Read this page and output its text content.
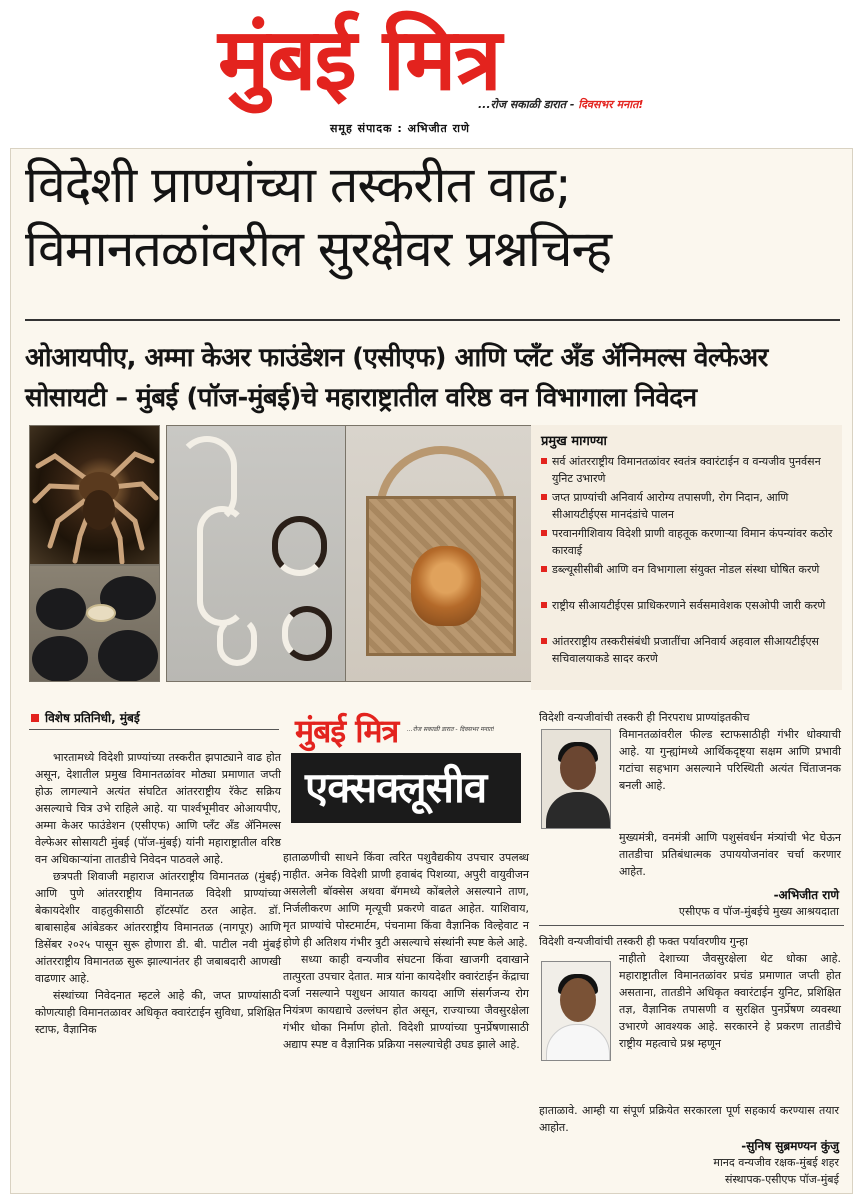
मुंबई मित्र
...रोज सकाळी डारात - दिवसभर मनात!
समूह संपादक : अभिजीत राणे
विदेशी प्राण्यांच्या तस्करीत वाढ;
विमानतळांवरील सुरक्षेवर प्रश्नचिन्ह
ओआयपीए, अम्मा केअर फाउंडेशन (एसीएफ) आणि प्लँट अँड ॲनिमल्स वेल्फेअर
सोसायटी – मुंबई (पॉज-मुंबई)चे महाराष्ट्रातील वरिष्ठ वन विभागाला निवेदन
प्रमुख मागण्या
सर्व आंतरराष्ट्रीय विमानतळांवर स्वतंत्र क्वारंटाईन व वन्यजीव पुनर्वसन युनिट उभारणे
जप्त प्राण्यांची अनिवार्य आरोग्य तपासणी, रोग निदान, आणि सीआयटीईएस मानदंडांचे पालन
परवानगीशिवाय विदेशी प्राणी वाहतूक करणाऱ्या विमान कंपन्यांवर कठोर कारवाई
डब्ल्यूसीसीबी आणि वन विभागाला संयुक्त नोडल संस्था घोषित करणे
राष्ट्रीय सीआयटीईएस प्राधिकरणाने सर्वसमावेशक एसओपी जारी करणे
आंतरराष्ट्रीय तस्करीसंबंधी प्रजातींचा अनिवार्य अहवाल सीआयटीईएस सचिवालयाकडे सादर करणे
विशेष प्रतिनिधी, मुंबई

भारतामध्ये विदेशी प्राण्यांच्या तस्करीत झपाट्याने वाढ होत असून, देशातील प्रमुख विमानतळांवर मोठ्या प्रमाणात जप्ती होऊ लागल्याने अत्यंत संघटित आंतरराष्ट्रीय रॅकेट सक्रिय असल्याचे चित्र उभे राहिले आहे. या पार्श्वभूमीवर ओआयपीए, अम्मा केअर फाउंडेशन (एसीएफ) आणि प्लँट अँड ॲनिमल्स वेल्फेअर सोसायटी मुंबई (पॉज-मुंबई) यांनी महाराष्ट्रातील वरिष्ठ वन अधिकाऱ्यांना तातडीचे निवेदन पाठवले आहे.

छत्रपती शिवाजी महाराज आंतरराष्ट्रीय विमानतळ (मुंबई) आणि पुणे आंतरराष्ट्रीय विमानतळ विदेशी प्राण्यांच्या बेकायदेशीर वाहतुकीसाठी हॉटस्पॉट ठरत आहेत. डॉ. बाबासाहेब आंबेडकर आंतरराष्ट्रीय विमानतळ (नागपूर) आणि डिसेंबर २०२५ पासून सुरू होणारा डी. बी. पाटील नवी मुंबई आंतरराष्ट्रीय विमानतळ सुरू झाल्यानंतर ही जबाबदारी आणखी वाढणार आहे.

संस्थांच्या निवेदनात म्हटले आहे की, जप्त प्राण्यांसाठी कोणत्याही विमानतळावर अधिकृत क्वारंटाईन सुविधा, प्रशिक्षित स्टाफ, वैज्ञानिक

मुंबई मित्र ...रोज सकाळी डारात - दिवसभर मनात!
एक्सक्लूसीव

हाताळणीची साधने किंवा त्वरित पशुवैद्यकीय उपचार उपलब्ध नाहीत. अनेक विदेशी प्राणी हवाबंद पिशव्या, अपुरी वायुवीजन असलेली बॉक्सेस अथवा बॅगमध्ये कोंबलेले असल्याने ताण, निर्जलीकरण आणि मृत्यूची प्रकरणे वाढत आहेत. याशिवाय, मृत प्राण्यांचे पोस्टमार्टम, पंचनामा किंवा वैज्ञानिक विल्हेवाट न होणे ही अतिशय गंभीर त्रुटी असल्याचे संस्थांनी स्पष्ट केले आहे.

सध्या काही वन्यजीव संघटना किंवा खाजगी दवाखाने तात्पुरता उपचार देतात. मात्र यांना कायदेशीर क्वारंटाईन केंद्राचा दर्जा नसल्याने पशुधन आयात कायदा आणि संसर्गजन्य रोग नियंत्रण कायद्याचे उल्लंघन होत असून, राज्याच्या जैवसुरक्षेला गंभीर धोका निर्माण होतो. विदेशी प्राण्यांच्या पुनर्प्रेषणासाठी अद्याप स्पष्ट व वैज्ञानिक प्रक्रिया नसल्याचेही उघड झाले आहे.

विदेशी वन्यजीवांची तस्करी ही निरपराध प्राण्यांइतकीच
विमानतळांवरील फील्ड स्टाफसाठीही गंभीर धोक्याची आहे. या गुन्ह्यांमध्ये आर्थिकदृष्ट्या सक्षम आणि प्रभावी गटांचा सहभाग असल्याने परिस्थिती अत्यंत चिंताजनक बनली आहे.
मुख्यमंत्री, वनमंत्री आणि पशुसंवर्धन मंत्र्यांची भेट घेऊन तातडीचा प्रतिबंधात्मक उपाययोजनांवर चर्चा करणार आहेत.
-अभिजीत राणे
एसीएफ व पॉज-मुंबईचे मुख्य आश्रयदाता
विदेशी वन्यजीवांची तस्करी ही फक्त पर्यावरणीय गुन्हा
नाहीतो देशाच्या जैवसुरक्षेला थेट धोका आहे. महाराष्ट्रातील विमानतळांवर प्रचंड प्रमाणात जप्ती होत असताना, तातडीने अधिकृत क्वारंटाईन युनिट, प्रशिक्षित तज्ञ, वैज्ञानिक तपासणी व सुरक्षित पुनर्प्रेषण व्यवस्था उभारणे आवश्यक आहे. सरकारने हे प्रकरण तातडीचे राष्ट्रीय महत्वाचे प्रश्न म्हणून
हाताळावे. आम्ही या संपूर्ण प्रक्रियेत सरकारला पूर्ण सहकार्य करण्यास तयार आहोत.
-सुनिष सुब्रमण्यन कुंजु
मानद वन्यजीव रक्षक-मुंबई शहर
संस्थापक-एसीएफ पॉज-मुंबई
